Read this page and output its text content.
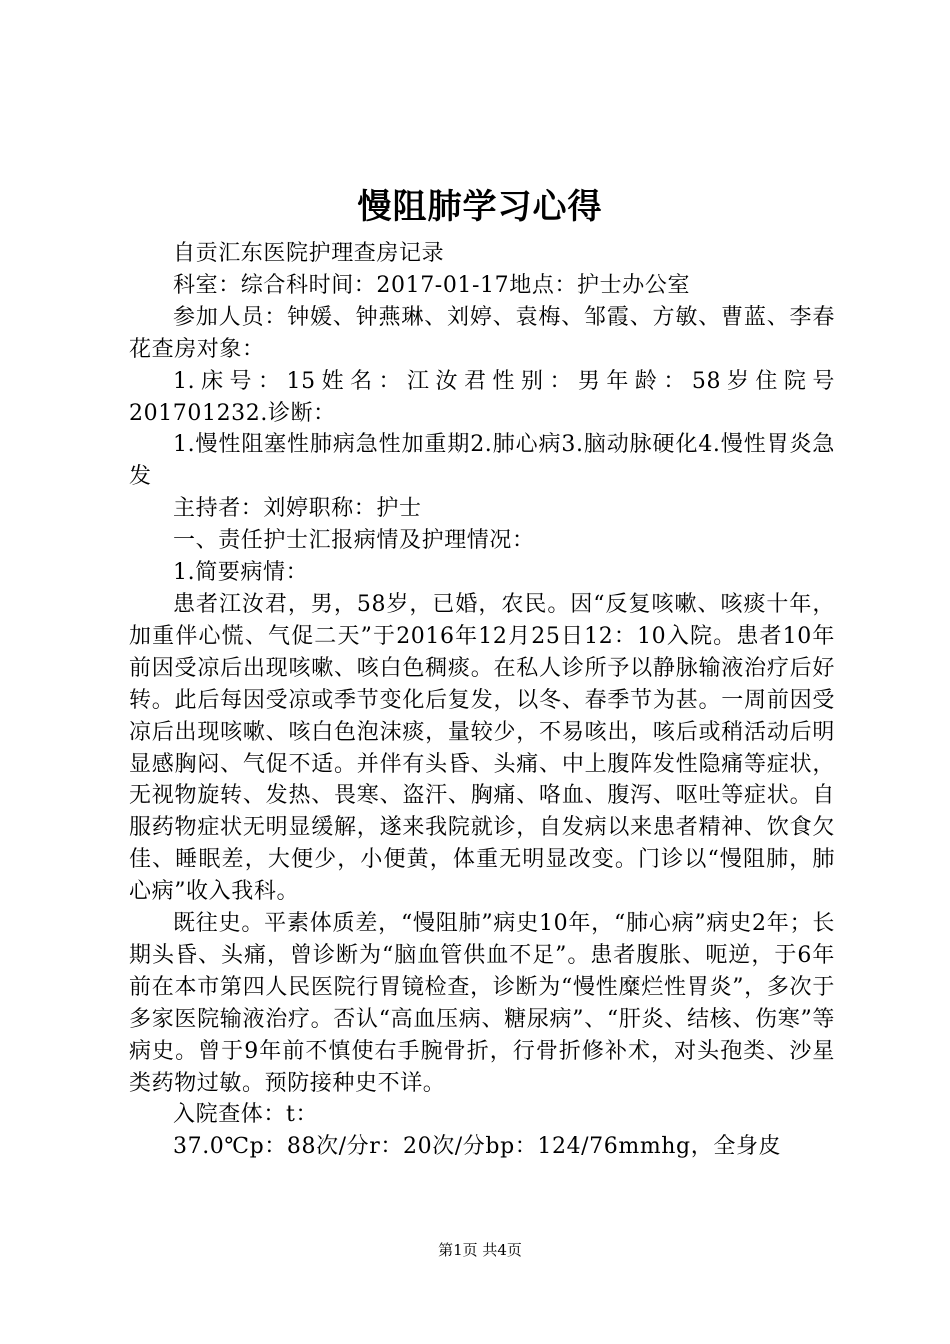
慢阻肺学习心得

自贡汇东医院护理查房记录

科室：综合科时间：2017-01-17地点：护士办公室

参加人员：钟媛、钟燕琳、刘婷、袁梅、邹霞、方敏、曹蓝、李春花查房对象：

1.床号：15姓名：江汝君性别：男年龄：58岁住院号201701232.诊断：

1.慢性阻塞性肺病急性加重期2.肺心病3.脑动脉硬化4.慢性胃炎急发

主持者：刘婷职称：护士

一、责任护士汇报病情及护理情况：

1.简要病情：

患者江汝君，男，58岁，已婚，农民。因“反复咳嗽、咳痰十年，加重伴心慌、气促二天”于2016年12月25日12：10入院。患者10年前因受凉后出现咳嗽、咳白色稠痰。在私人诊所予以静脉输液治疗后好转。此后每因受凉或季节变化后复发，以冬、春季节为甚。一周前因受凉后出现咳嗽、咳白色泡沫痰，量较少，不易咳出，咳后或稍活动后明显感胸闷、气促不适。并伴有头昏、头痛、中上腹阵发性隐痛等症状，无视物旋转、发热、畏寒、盗汗、胸痛、咯血、腹泻、呕吐等症状。自服药物症状无明显缓解，遂来我院就诊，自发病以来患者精神、饮食欠佳、睡眠差，大便少，小便黄，体重无明显改变。门诊以“慢阻肺，肺心病”收入我科。

既往史。平素体质差，“慢阻肺”病史10年，“肺心病”病史2年；长期头昏、头痛，曾诊断为“脑血管供血不足”。患者腹胀、呃逆，于6年前在本市第四人民医院行胃镜检查，诊断为“慢性糜烂性胃炎”，多次于多家医院输液治疗。否认“高血压病、糖尿病”、“肝炎、结核、伤寒”等病史。曾于9年前不慎使右手腕骨折，行骨折修补术，对头孢类、沙星类药物过敏。预防接种史不详。

入院查体：t：

37.0℃p：88次/分r：20次/分bp：124/76mmhg，全身皮

第1页 共4页
